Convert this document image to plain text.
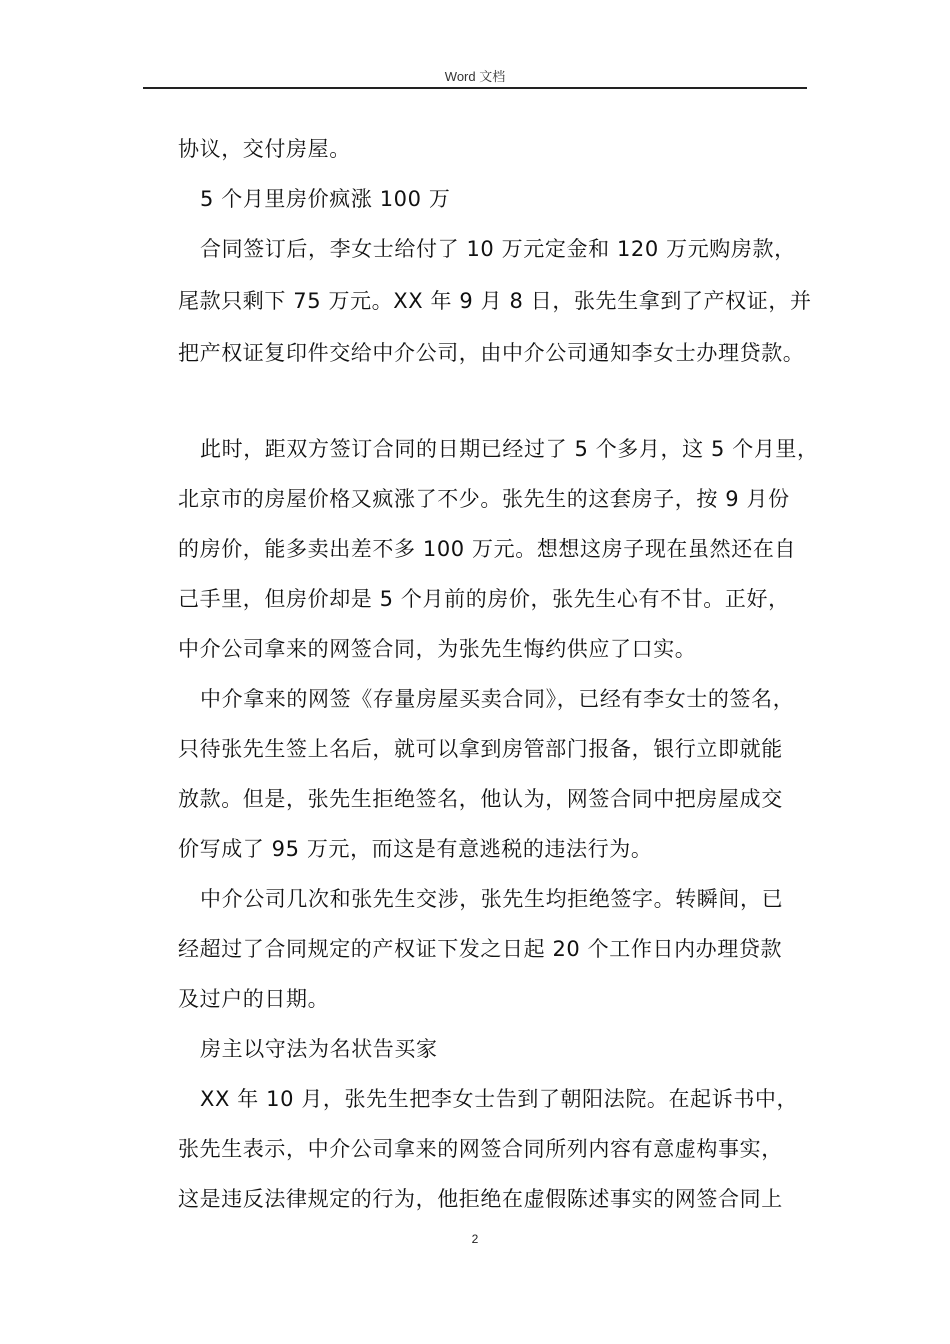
Word 文档
协议，交付房屋。
5 个月里房价疯涨 100 万
合同签订后，李女士给付了 10 万元定金和 120 万元购房款，
尾款只剩下 75 万元。XX 年 9 月 8 日，张先生拿到了产权证，并
把产权证复印件交给中介公司，由中介公司通知李女士办理贷款。
此时，距双方签订合同的日期已经过了 5 个多月，这 5 个月里，
北京市的房屋价格又疯涨了不少。张先生的这套房子，按 9 月份
的房价，能多卖出差不多 100 万元。想想这房子现在虽然还在自
己手里，但房价却是 5 个月前的房价，张先生心有不甘。正好，
中介公司拿来的网签合同，为张先生悔约供应了口实。
中介拿来的网签《存量房屋买卖合同》，已经有李女士的签名，
只待张先生签上名后，就可以拿到房管部门报备，银行立即就能
放款。但是，张先生拒绝签名，他认为，网签合同中把房屋成交
价写成了 95 万元，而这是有意逃税的违法行为。
中介公司几次和张先生交涉，张先生均拒绝签字。转瞬间，已
经超过了合同规定的产权证下发之日起 20 个工作日内办理贷款
及过户的日期。
房主以守法为名状告买家
XX 年 10 月，张先生把李女士告到了朝阳法院。在起诉书中，
张先生表示，中介公司拿来的网签合同所列内容有意虚构事实，
这是违反法律规定的行为，他拒绝在虚假陈述事实的网签合同上
2
